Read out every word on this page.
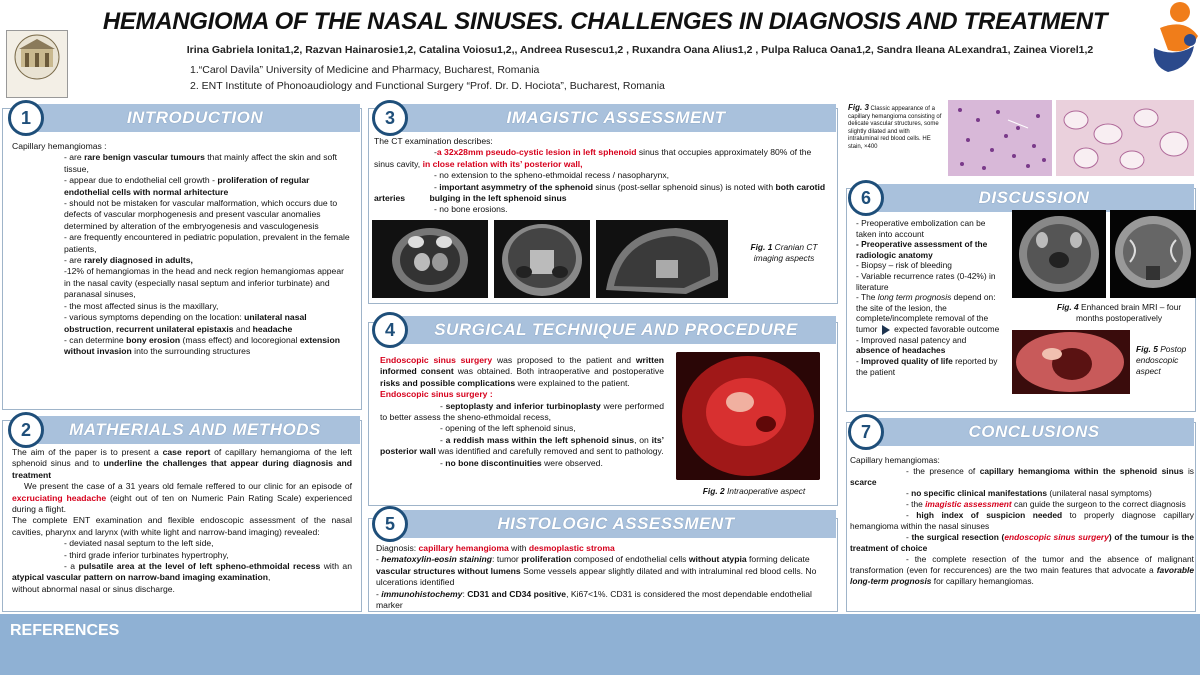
HEMANGIOMA OF THE NASAL SINUSES. CHALLENGES IN DIAGNOSIS AND TREATMENT
Irina Gabriela Ionita1,2, Razvan Hainarosie1,2, Catalina Voiosu1,2,, Andreea Rusescu1,2 , Ruxandra Oana Alius1,2 , Pulpa Raluca Oana1,2, Sandra Ileana ALexandra1, Zainea Viorel1,2
1.“Carol Davila” University of Medicine and Pharmacy, Bucharest, Romania
2. ENT Institute of Phonoaudiology and Functional Surgery “Prof. Dr. D. Hociota”, Bucharest, Romania
INTRODUCTION
1

Capillary hemangiomas :

- are rare benign vascular tumours that mainly affect the skin and soft tissue,

- appear due to endothelial cell growth - proliferation of regular endothelial cells with normal arhitecture

- should not be mistaken for vascular malformation, which occurs due to defects of vascular morphogenesis and present vascular anomalies determined by alteration of the embryogenesis and vasculogenesis

- are frequently encountered in pediatric population, prevalent in the female patients,

- are rarely diagnosed in adults,

-12% of hemangiomas in the head and neck region hemangiomas appear in the nasal cavity (especially nasal septum and inferior turbinate) and paranasal sinuses,

- the most affected sinus is the maxillary,

- various symptoms depending on the location: unilateral nasal obstruction, recurrent unilateral epistaxis and headache

- can determine bony erosion (mass effect) and locoregional extension without invasion into the surrounding structures

MATHERIALS AND METHODS
2

The aim of the paper is to present a case report of capillary hemangioma of the left sphenoid sinus and to underline the challenges that appear during diagnosis and treatment

We present the case of a 31 years old female reffered to our clinic for an episode of excruciating headache (eight out of ten on Numeric Pain Rating Scale) experienced during a flight.

The complete ENT examination and flexible endoscopic assessment of the nasal cavities, pharynx and larynx (with white light and narrow-band imaging) revealed:

- deviated nasal septum to the left side,

- third grade inferior turbinates hypertrophy,

- a pulsatile area at the level of left spheno-ethmoidal recess with an atypical vascular pattern on narrow-band imaging examination,

without abnormal nasal or sinus discharge.

IMAGISTIC ASSESSMENT
3

The CT examination describes:

-a 32x28mm pseudo-cystic lesion in left sphenoid sinus that occupies approximately 80% of the sinus cavity, in close relation with its’ posterior wall,

- no extension to the spheno-ethmoidal recess / nasopharynx,

- important asymmetry of the sphenoid sinus (post-sellar sphenoid sinus) is noted with both carotid arteries	bulging in the left sphenoid sinus

- no bone erosions.

Fig. 1 Cranian CT imaging aspects
SURGICAL TECHNIQUE AND PROCEDURE
4

Endoscopic sinus surgery was proposed to the patient and written informed consent was obtained. Both intraoperative and postoperative risks and possible complications were explained to the patient.

Endoscopic sinus surgery :

- septoplasty and inferior turbinoplasty were performed to better assess the sheno-ethmoidal recess,

- opening of the left sphenoid sinus,

- a reddish mass within the left sphenoid sinus, on its’ posterior wall was identified and carefully removed and sent to pathology.

- no bone discontinuities were observed.

Fig. 2 Intraoperative aspect
HISTOLOGIC ASSESSMENT
5

Diagnosis: capillary hemangioma with desmoplastic stroma

- hematoxylin-eosin staining: tumor proliferation composed of endothelial cells without atypia forming delicate vascular structures without lumens Some vessels appear slightly dilated and with intraluminal red blood cells. No ulcerations identified

- immunohistochemy: CD31 and CD34 positive, Ki67<1%. CD31 is considered the most dependable endothelial marker

Fig. 3 Classic appearance of a capillary hemangioma consisting of delicate vascular structures, some slightly dilated and with intraluminal red blood cells. HE stain, ×400
DISCUSSION
6

- Preoperative embolization can be taken into account

- Preoperative assessment of the radiologic anatomy

- Biopsy – risk of bleeding

- Variable recurrence rates (0-42%) in literature

- The long term prognosis depend on: the site of the lesion, the complete/incomplete removal of the tumor  expected favorable outcome

- Improved nasal patency and absence of headaches

- Improved quality of life reported by the patient

Fig. 4 Enhanced brain MRI – four months postoperatively
Fig. 5 Postop endoscopic aspect
CONCLUSIONS
7

Capillary hemangiomas:

- the presence of capillary hemangioma within the sphenoid sinus is scarce

- no specific clinical manifestations (unilateral nasal symptoms)

- the imagistic assessment can guide the surgeon to the correct diagnosis

- high index of suspicion needed to properly diagnose capillary hemangioma within the nasal sinuses

- the surgical resection (endoscopic sinus surgery) of the tumour is the treatment of choice

- the complete resection of the tumor and the absence of malignant transformation (even for reccurences) are the two main features that advocate a favorable long-term prognosis for capillary hemangiomas.

REFERENCES
